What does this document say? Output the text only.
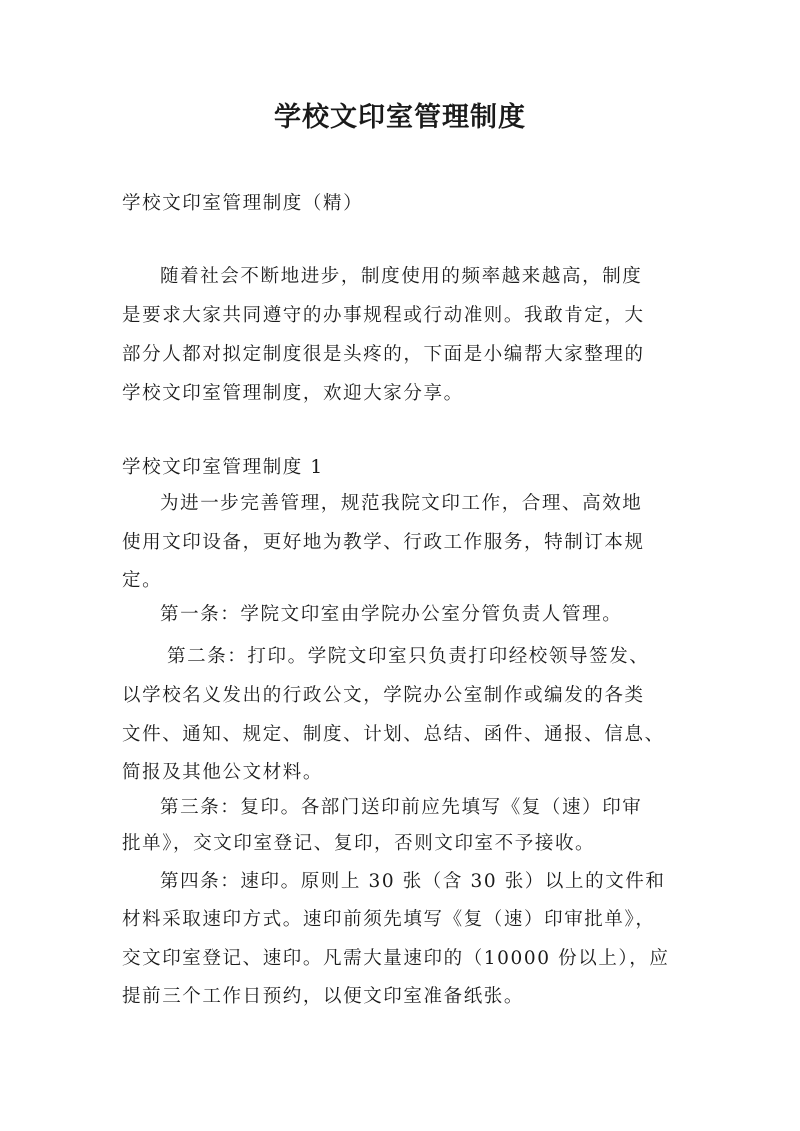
学校文印室管理制度
学校文印室管理制度（精）
随着社会不断地进步，制度使用的频率越来越高，制度
是要求大家共同遵守的办事规程或行动准则。我敢肯定，大
部分人都对拟定制度很是头疼的，下面是小编帮大家整理的
学校文印室管理制度，欢迎大家分享。
学校文印室管理制度 1
为进一步完善管理，规范我院文印工作，合理、高效地
使用文印设备，更好地为教学、行政工作服务，特制订本规
定。
第一条：学院文印室由学院办公室分管负责人管理。
第二条：打印。学院文印室只负责打印经校领导签发、
以学校名义发出的行政公文，学院办公室制作或编发的各类
文件、通知、规定、制度、计划、总结、函件、通报、信息、
简报及其他公文材料。
第三条：复印。各部门送印前应先填写《复（速）印审
批单》，交文印室登记、复印，否则文印室不予接收。
第四条：速印。原则上 30 张（含 30 张）以上的文件和
材料采取速印方式。速印前须先填写《复（速）印审批单》，
交文印室登记、速印。凡需大量速印的（10000 份以上），应
提前三个工作日预约，以便文印室准备纸张。
